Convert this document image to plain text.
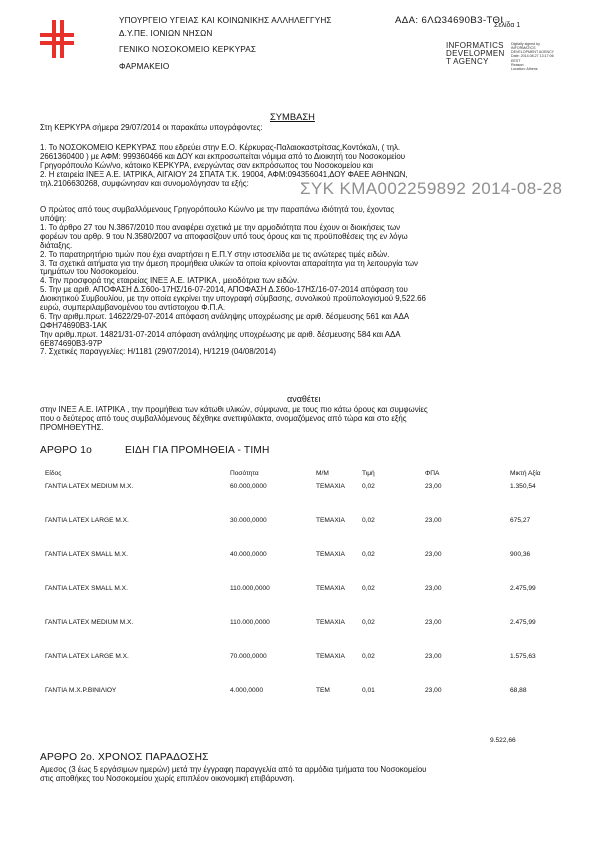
ΥΠΟΥΡΓΕΙΟ ΥΓΕΙΑΣ ΚΑΙ ΚΟΙΝΩΝΙΚΗΣ ΑΛΛΗΛΕΓΓΥΗΣ
Δ.Υ.ΠΕ. ΙΟΝΙΩΝ ΝΗΣΩΝ
ΓΕΝΙΚΟ ΝΟΣΟΚΟΜΕΙΟ ΚΕΡΚΥΡΑΣ
ΦΑΡΜΑΚΕΙΟ
ΑΔΑ: 6ΛΩ34690Β3-ΤΘΙ
Σελίδα 1
INFORMATICS
DEVELOPMEN
T AGENCY
Digitally signed by
INFORMATICS
DEVELOPMENT AGENCY
Date: 2014.08.27 13:17:06
EEST
Reason:
Location: Athens
ΣΥΜΒΑΣΗ
Στη ΚΕΡΚΥΡΑ σήμερα 29/07/2014 οι παρακάτω υπογράφοντες:
1. Το ΝΟΣΟΚΟΜΕΙΟ ΚΕΡΚΥΡΑΣ που εδρεύει στην Ε.Ο. Κέρκυρας-Παλαιοκαστρίτσας,Κοντόκαλι, ( τηλ.
2661360400 ) με ΑΦΜ: 999360466 και ΔΟΥ και εκπροσωπείται νόμιμα από το Διοικητή του Νοσοκομείου
Γρηγορόπουλο Κών/νο, κάτοικο ΚΕΡΚΥΡΑ, ενεργώντας σαν εκπρόσωπος του Νοσοκομείου και
2. Η εταιρεία ΙΝΕΞ Α.Ε. ΙΑΤΡΙΚΑ, ΑΙΓΑΙΟΥ 24 ΣΠΑΤΑ Τ.Κ. 19004, ΑΦΜ:094356041,ΔΟΥ ΦΑΕΕ ΑΘΗΝΩΝ,
τηλ.2106630268, συμφώνησαν και συνομολόγησαν τα εξής:	ΣΥΚ ΚΜΑ002259892 2014-08-28
Ο πρώτος από τους συμβαλλόμενους Γρηγορόπουλο Κών/νο με την παραπάνω ιδιότητά του, έχοντας
υπόψη:
1. Το άρθρο 27 του Ν.3867/2010 που αναφέρει σχετικά με την αρμοδιότητα που έχουν οι διοικήσεις των
φορέων του αρθρ. 9 του Ν.3580/2007 να αποφασίζουν υπό τους όρους και τις προϋποθέσεις της εν λόγω
διάταξης.
2. Το παρατηρητήριο τιμών που έχει αναρτήσει η Ε.Π.Υ στην ιστοσελίδα με τις ανώτερες τιμές ειδών.
3. Τα σχετικά αιτήματα για την άμεση προμήθεια υλικών τα οποία κρίνονται απαραίτητα για τη λειτουργία των
τμημάτων του Νοσοκομείου.
4. Την προσφορά της εταιρείας ΙΝΕΞ Α.Ε. ΙΑΤΡΙΚΑ , μειοδότρια των ειδών.
5. Την με αριθ. ΑΠΟΦΑΣΗ Δ.Σ60ο-17ΗΣ/16-07-2014, ΑΠΟΦΑΣΗ Δ.Σ60ο-17ΗΣ/16-07-2014 απόφαση του
Διοικητικού Συμβουλίου, με την οποία εγκρίνει την υπογραφή σύμβασης, συνολικού προϋπολογισμού 9,522.66
ευρώ, συμπεριλαμβανομένου του αντίστοιχου Φ.Π.Α.
6. Την αριθμ.πρωτ. 14622/29-07-2014 απόφαση ανάληψης υποχρέωσης με αριθ. δέσμευσης 561 και ΑΔΑ
ΩΦΗ74690Β3-1ΑΚ
Την αριθμ.πρωτ. 14821/31-07-2014 απόφαση ανάληψης υποχρέωσης με αριθ. δέσμευσης 584 και ΑΔΑ
6Ε874690Β3-97Ρ
7. Σχετικές παραγγελίες: Η/1181 (29/07/2014), Η/1219 (04/08/2014)
αναθέτει
στην ΙΝΕΞ Α.Ε. ΙΑΤΡΙΚΑ , την προμήθεια των κάτωθι υλικών, σύμφωνα, με τους πιο κάτω όρους και συμφωνίες
που ο δεύτερος από τους συμβαλλόμενους δέχθηκε ανεπιφύλακτα, ονομαζόμενος από τώρα και στο εξής
ΠΡΟΜΗΘΕΥΤΗΣ.
ΑΡΘΡΟ 1ο	ΕΙΔΗ ΓΙΑ ΠΡΟΜΗΘΕΙΑ - ΤΙΜΗ
Είδος	Ποσότητα	Μ/Μ	Τιμή	ΦΠΑ	Μικτή Αξία
ΓΑΝΤΙΑ LATEX MEDIUM Μ.Χ.	60.000,0000	ΤΕΜΑΧΙΑ	0,02	23,00	1.350,54
ΓΑΝΤΙΑ LATEX LARGE Μ.Χ.	30.000,0000	ΤΕΜΑΧΙΑ	0,02	23,00	675,27
ΓΑΝΤΙΑ LATEX SMALL Μ.Χ.	40.000,0000	ΤΕΜΑΧΙΑ	0,02	23,00	900,36
ΓΑΝΤΙΑ LATEX SMALL Μ.Χ.	110.000,0000	ΤΕΜΑΧΙΑ	0,02	23,00	2.475,99
ΓΑΝΤΙΑ LATEX MEDIUM Μ.Χ.	110.000,0000	ΤΕΜΑΧΙΑ	0,02	23,00	2.475,99
ΓΑΝΤΙΑ LATEX LARGE Μ.Χ.	70.000,0000	ΤΕΜΑΧΙΑ	0,02	23,00	1.575,63
ΓΑΝΤΙΑ Μ.Χ.Ρ.ΒΙΝΙΛΙΟΥ	4.000,0000	ΤΕΜ	0,01	23,00	68,88
9.522,66
ΑΡΘΡΟ 2ο. ΧΡΟΝΟΣ ΠΑΡΑΔΟΣΗΣ
Αμεσος (3 έως 5 εργάσιμων ημερών) μετά την έγγραφη παραγγελία από τα αρμόδια τμήματα του Νοσοκομείου
στις αποθήκες του Νοσοκομείου χωρίς επιπλέον οικονομική επιβάρυνση.
